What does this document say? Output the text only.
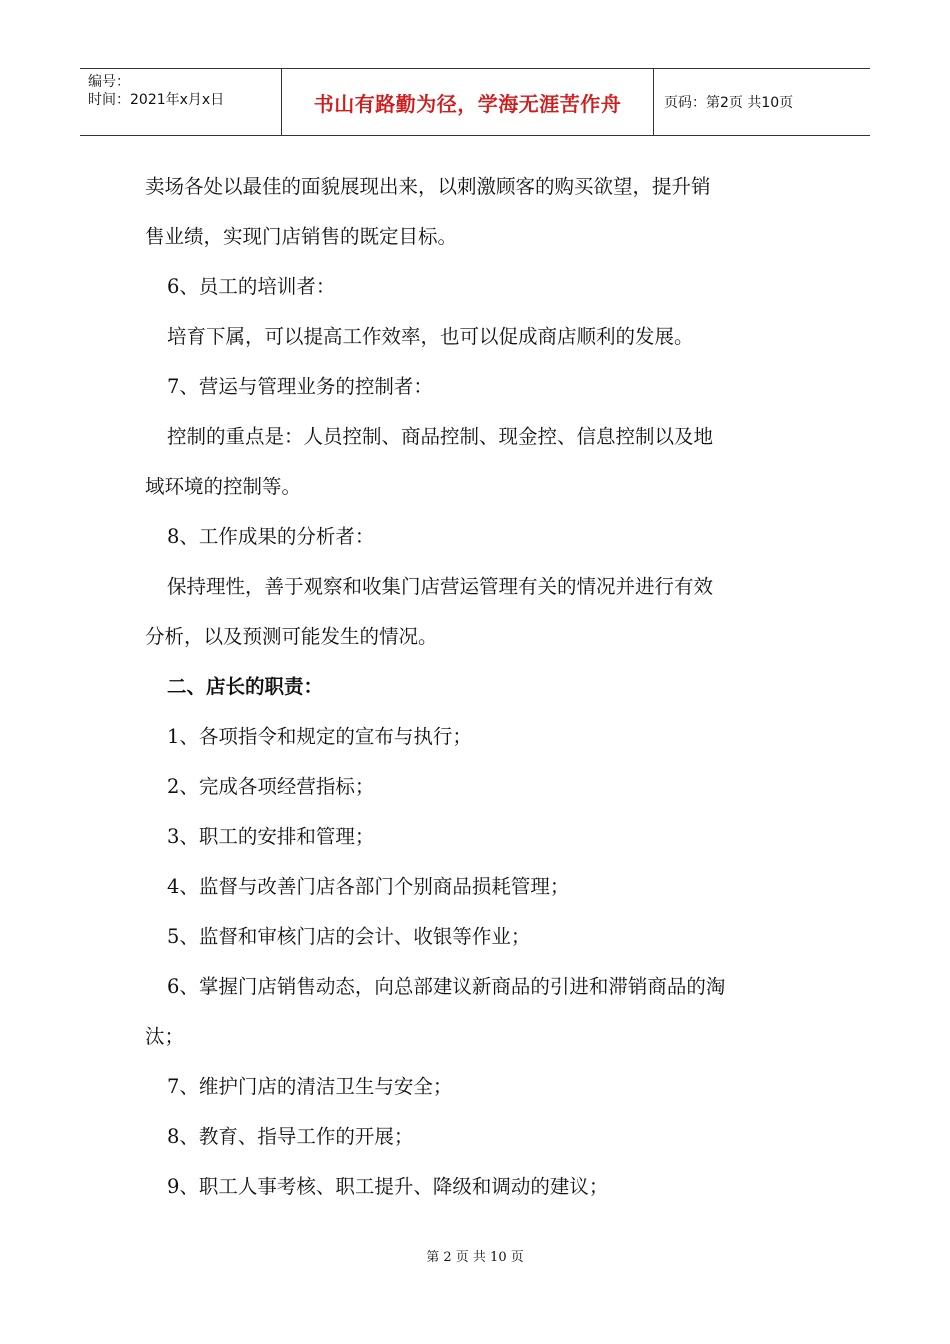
编号：
时间：2021年x月x日	书山有路勤为径，学海无涯苦作舟	页码：第2页 共10页

卖场各处以最佳的面貌展现出来，以刺激顾客的购买欲望，提升销

售业绩，实现门店销售的既定目标。

6、员工的培训者：

培育下属，可以提高工作效率，也可以促成商店顺利的发展。

7、营运与管理业务的控制者：

控制的重点是：人员控制、商品控制、现金控、信息控制以及地

域环境的控制等。

8、工作成果的分析者：

保持理性，善于观察和收集门店营运管理有关的情况并进行有效

分析，以及预测可能发生的情况。

二、店长的职责：

1、各项指令和规定的宣布与执行；

2、完成各项经营指标；

3、职工的安排和管理；

4、监督与改善门店各部门个别商品损耗管理；

5、监督和审核门店的会计、收银等作业；

6、掌握门店销售动态，向总部建议新商品的引进和滞销商品的淘

汰；

7、维护门店的清洁卫生与安全；

8、教育、指导工作的开展；

9、职工人事考核、职工提升、降级和调动的建议；

第 2 页 共 10 页
